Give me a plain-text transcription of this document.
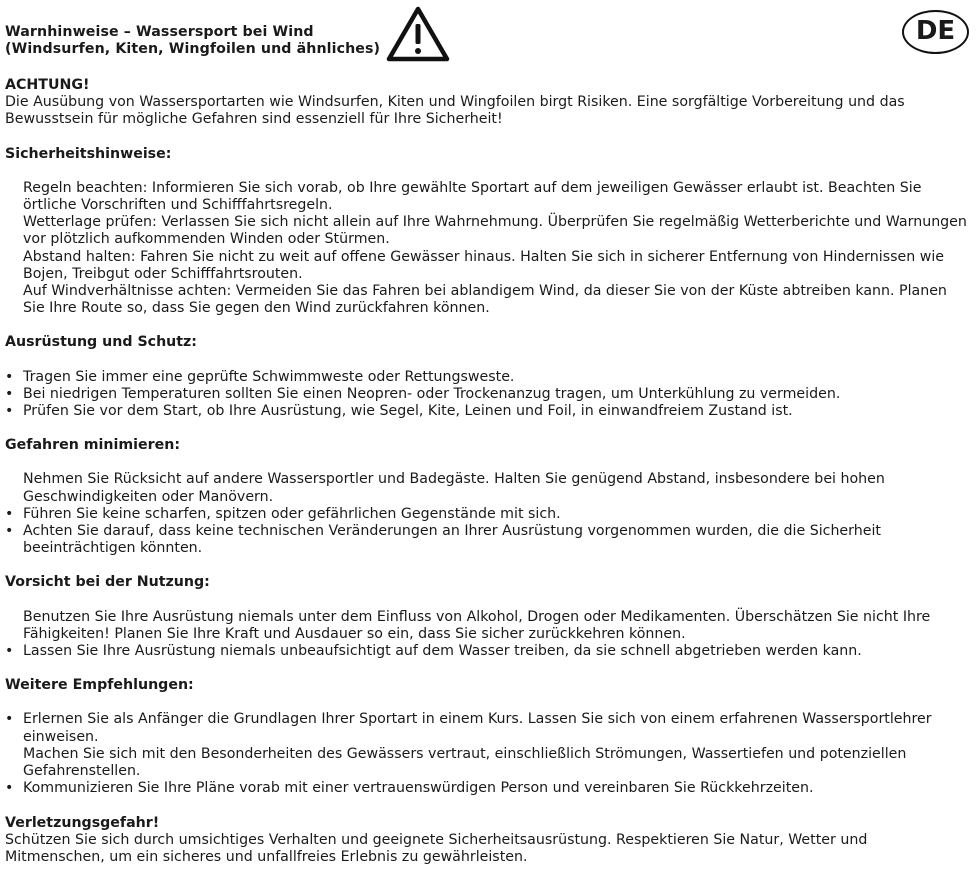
Warnhinweise – Wassersport bei Wind
(Windsurfen, Kiten, Wingfoilen und ähnliches)
DE
ACHTUNG!

Die Ausübung von Wassersportarten wie Windsurfen, Kiten und Wingfoilen birgt Risiken. Eine sorgfältige Vorbereitung und das Bewusstsein für mögliche Gefahren sind essenziell für Ihre Sicherheit!

Sicherheitshinweise:
Regeln beachten: Informieren Sie sich vorab, ob Ihre gewählte Sportart auf dem jeweiligen Gewässer erlaubt ist. Beachten Sie örtliche Vorschriften und Schifffahrtsregeln.
Wetterlage prüfen: Verlassen Sie sich nicht allein auf Ihre Wahrnehmung. Überprüfen Sie regelmäßig Wetterberichte und Warnungen vor plötzlich aufkommenden Winden oder Stürmen.
Abstand halten: Fahren Sie nicht zu weit auf offene Gewässer hinaus. Halten Sie sich in sicherer Entfernung von Hindernissen wie Bojen, Treibgut oder Schifffahrtsrouten.
Auf Windverhältnisse achten: Vermeiden Sie das Fahren bei ablandigem Wind, da dieser Sie von der Küste abtreiben kann. Planen Sie Ihre Route so, dass Sie gegen den Wind zurückfahren können.
Ausrüstung und Schutz:
• Tragen Sie immer eine geprüfte Schwimmweste oder Rettungsweste.
• Bei niedrigen Temperaturen sollten Sie einen Neopren- oder Trockenanzug tragen, um Unterkühlung zu vermeiden.
• Prüfen Sie vor dem Start, ob Ihre Ausrüstung, wie Segel, Kite, Leinen und Foil, in einwandfreiem Zustand ist.
Gefahren minimieren:
Nehmen Sie Rücksicht auf andere Wassersportler und Badegäste. Halten Sie genügend Abstand, insbesondere bei hohen Geschwindigkeiten oder Manövern.
• Führen Sie keine scharfen, spitzen oder gefährlichen Gegenstände mit sich.
• Achten Sie darauf, dass keine technischen Veränderungen an Ihrer Ausrüstung vorgenommen wurden, die die Sicherheit beeinträchtigen könnten.
Vorsicht bei der Nutzung:
Benutzen Sie Ihre Ausrüstung niemals unter dem Einfluss von Alkohol, Drogen oder Medikamenten. Überschätzen Sie nicht Ihre Fähigkeiten! Planen Sie Ihre Kraft und Ausdauer so ein, dass Sie sicher zurückkehren können.
• Lassen Sie Ihre Ausrüstung niemals unbeaufsichtigt auf dem Wasser treiben, da sie schnell abgetrieben werden kann.
Weitere Empfehlungen:
• Erlernen Sie als Anfänger die Grundlagen Ihrer Sportart in einem Kurs. Lassen Sie sich von einem erfahrenen Wassersportlehrer einweisen.
Machen Sie sich mit den Besonderheiten des Gewässers vertraut, einschließlich Strömungen, Wassertiefen und potenziellen Gefahrenstellen.
• Kommunizieren Sie Ihre Pläne vorab mit einer vertrauenswürdigen Person und vereinbaren Sie Rückkehrzeiten.
Verletzungsgefahr!

Schützen Sie sich durch umsichtiges Verhalten und geeignete Sicherheitsausrüstung. Respektieren Sie Natur, Wetter und Mitmenschen, um ein sicheres und unfallfreies Erlebnis zu gewährleisten.
